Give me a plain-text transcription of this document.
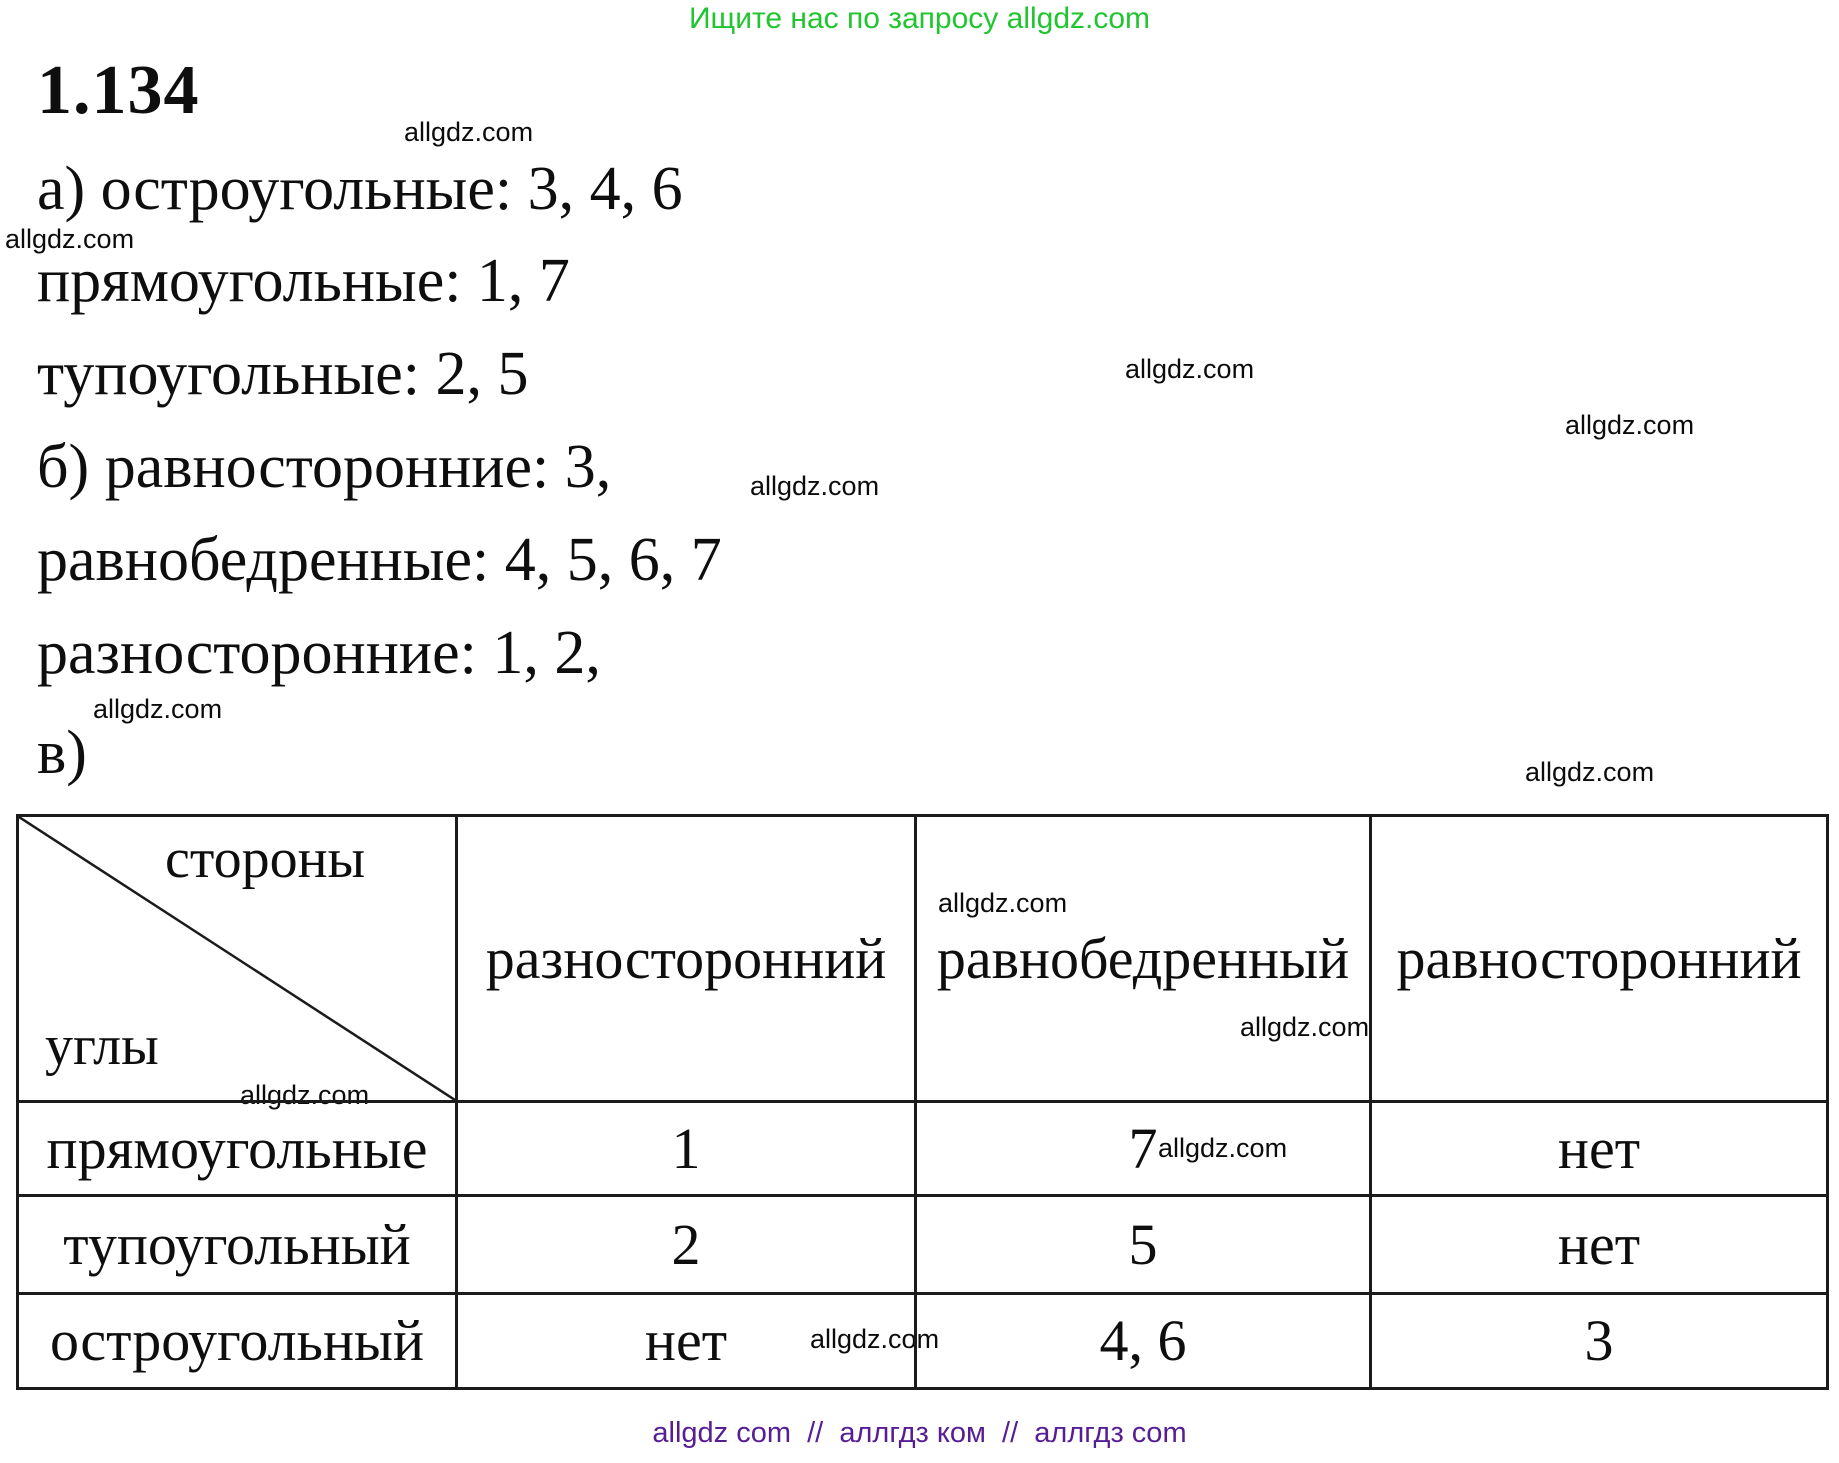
Ищите нас по запросу allgdz.com
1.134
allgdz.com
allgdz.com
allgdz.com
allgdz.com
allgdz.com
allgdz.com
allgdz.com
allgdz.com
allgdz.com
allgdz.com
allgdz.com
allgdz.com
а) остроугольные: 3, 4, 6
прямоугольные: 1, 7
тупоугольные: 2, 5
б) равносторонние: 3,
равнобедренные: 4, 5, 6, 7
разносторонние: 1, 2,
в)
стороны
углы	разносторонний	равнобедренный	равносторонний
прямоугольные	1	7	нет
тупоугольный	2	5	нет
остроугольный	нет	4, 6	3
allgdz com  //  аллгдз ком  //  аллгдз com
